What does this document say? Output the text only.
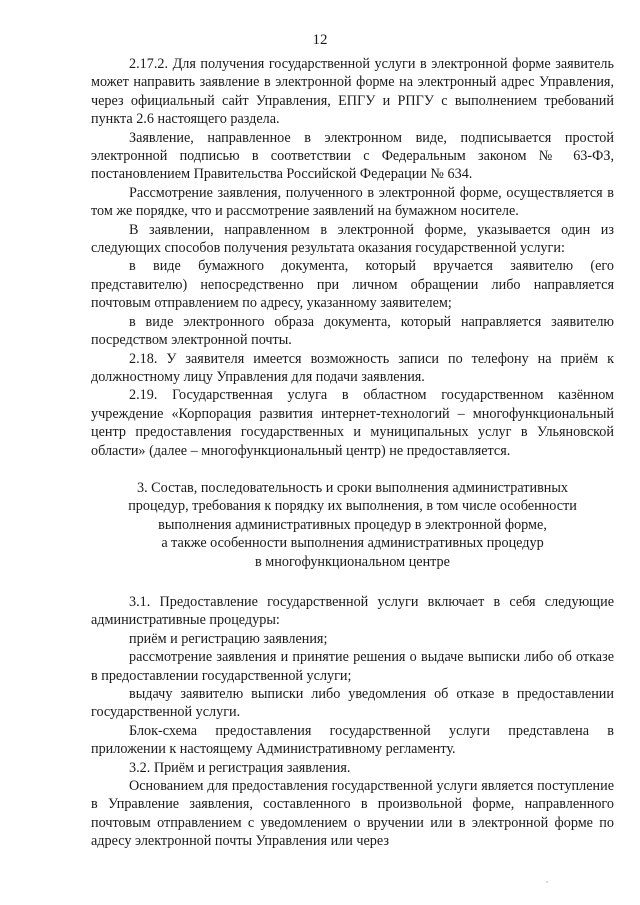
12

2.17.2. Для получения государственной услуги в электронной форме заявитель может направить заявление в электронной форме на электронный адрес Управления, через официальный сайт Управления, ЕПГУ и РПГУ с выполнением требований пункта 2.6 настоящего раздела.

Заявление, направленное в электронном виде, подписывается простой электронной подписью в соответствии с Федеральным законом № 63-ФЗ, постановлением Правительства Российской Федерации № 634.

Рассмотрение заявления, полученного в электронной форме, осуществляется в том же порядке, что и рассмотрение заявлений на бумажном носителе.

В заявлении, направленном в электронной форме, указывается один из следующих способов получения результата оказания государственной услуги:

в виде бумажного документа, который вручается заявителю (его представителю) непосредственно при личном обращении либо направляется почтовым отправлением по адресу, указанному заявителем;

в виде электронного образа документа, который направляется заявителю посредством электронной почты.

2.18. У заявителя имеется возможность записи по телефону на приём к должностному лицу Управления для подачи заявления.

2.19. Государственная услуга в областном государственном казённом учреждение «Корпорация развития интернет-технологий – многофункциональный центр предоставления государственных и муниципальных услуг в Ульяновской области» (далее – многофункциональный центр) не предоставляется.

3. Состав, последовательность и сроки выполнения административных
процедур, требования к порядку их выполнения, в том числе особенности
выполнения административных процедур в электронной форме,
а также особенности выполнения административных процедур
в многофункциональном центре

3.1. Предоставление государственной услуги включает в себя следующие административные процедуры:

приём и регистрацию заявления;

рассмотрение заявления и принятие решения о выдаче выписки либо об отказе в предоставлении государственной услуги;

выдачу заявителю выписки либо уведомления об отказе в предоставлении государственной услуги.

Блок-схема предоставления государственной услуги представлена в приложении к настоящему Административному регламенту.

3.2. Приём и регистрация заявления.

Основанием для предоставления государственной услуги является поступление в Управление заявления, составленного в произвольной форме, направленного почтовым отправлением с уведомлением о вручении или в электронной форме по адресу электронной почты Управления или через
